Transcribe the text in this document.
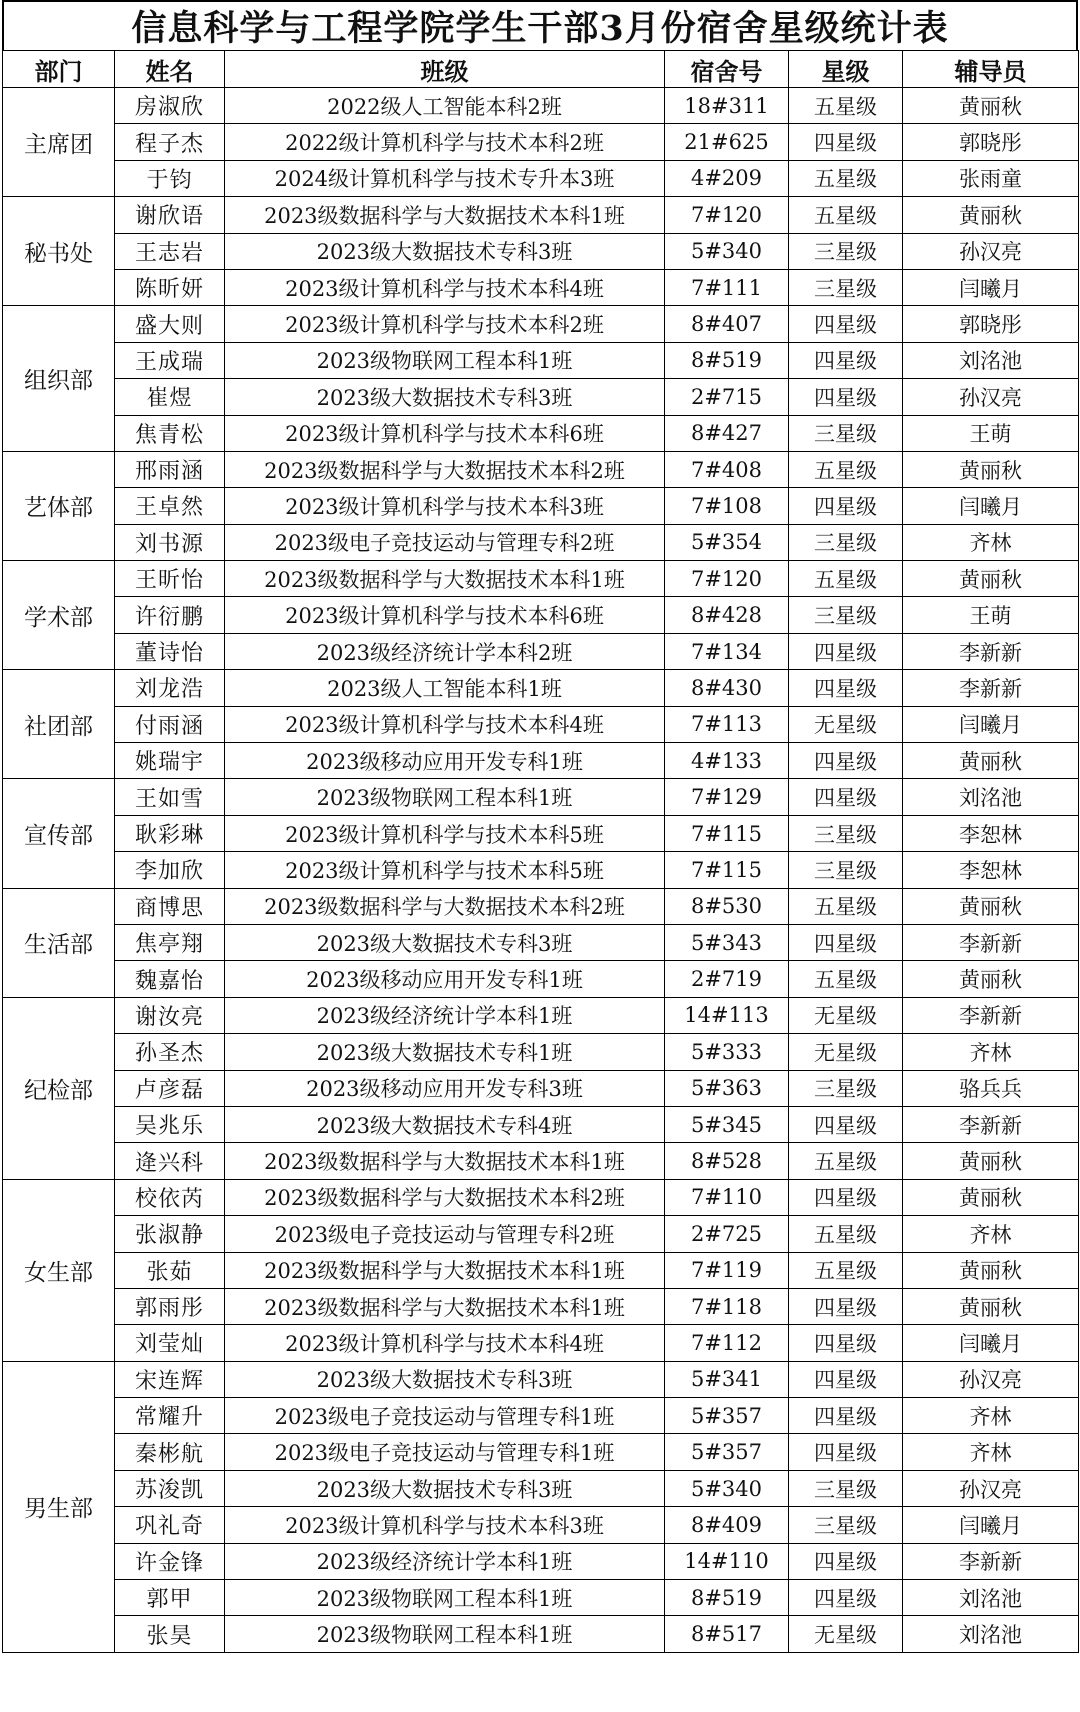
信息科学与工程学院学生干部3月份宿舍星级统计表
部门	姓名	班级	宿舍号	星级	辅导员
主席团	房淑欣	2022级人工智能本科2班	18#311	五星级	黄丽秋
	程子杰	2022级计算机科学与技术本科2班	21#625	四星级	郭晓彤
	于钧	2024级计算机科学与技术专升本3班	4#209	五星级	张雨童
秘书处	谢欣语	2023级数据科学与大数据技术本科1班	7#120	五星级	黄丽秋
	王志岩	2023级大数据技术专科3班	5#340	三星级	孙汉亮
	陈昕妍	2023级计算机科学与技术本科4班	7#111	三星级	闫曦月
组织部	盛大则	2023级计算机科学与技术本科2班	8#407	四星级	郭晓彤
	王成瑞	2023级物联网工程本科1班	8#519	四星级	刘洺池
	崔煜	2023级大数据技术专科3班	2#715	四星级	孙汉亮
	焦青松	2023级计算机科学与技术本科6班	8#427	三星级	王萌
艺体部	邢雨涵	2023级数据科学与大数据技术本科2班	7#408	五星级	黄丽秋
	王卓然	2023级计算机科学与技术本科3班	7#108	四星级	闫曦月
	刘书源	2023级电子竞技运动与管理专科2班	5#354	三星级	齐林
学术部	王昕怡	2023级数据科学与大数据技术本科1班	7#120	五星级	黄丽秋
	许衍鹏	2023级计算机科学与技术本科6班	8#428	三星级	王萌
	董诗怡	2023级经济统计学本科2班	7#134	四星级	李新新
社团部	刘龙浩	2023级人工智能本科1班	8#430	四星级	李新新
	付雨涵	2023级计算机科学与技术本科4班	7#113	无星级	闫曦月
	姚瑞宇	2023级移动应用开发专科1班	4#133	四星级	黄丽秋
宣传部	王如雪	2023级物联网工程本科1班	7#129	四星级	刘洺池
	耿彩琳	2023级计算机科学与技术本科5班	7#115	三星级	李恕林
	李加欣	2023级计算机科学与技术本科5班	7#115	三星级	李恕林
生活部	商博思	2023级数据科学与大数据技术本科2班	8#530	五星级	黄丽秋
	焦亭翔	2023级大数据技术专科3班	5#343	四星级	李新新
	魏嘉怡	2023级移动应用开发专科1班	2#719	五星级	黄丽秋
纪检部	谢汝亮	2023级经济统计学本科1班	14#113	无星级	李新新
	孙圣杰	2023级大数据技术专科1班	5#333	无星级	齐林
	卢彦磊	2023级移动应用开发专科3班	5#363	三星级	骆兵兵
	吴兆乐	2023级大数据技术专科4班	5#345	四星级	李新新
	逄兴科	2023级数据科学与大数据技术本科1班	8#528	五星级	黄丽秋
女生部	校依芮	2023级数据科学与大数据技术本科2班	7#110	四星级	黄丽秋
	张淑静	2023级电子竞技运动与管理专科2班	2#725	五星级	齐林
	张茹	2023级数据科学与大数据技术本科1班	7#119	五星级	黄丽秋
	郭雨彤	2023级数据科学与大数据技术本科1班	7#118	四星级	黄丽秋
	刘莹灿	2023级计算机科学与技术本科4班	7#112	四星级	闫曦月
男生部	宋连辉	2023级大数据技术专科3班	5#341	四星级	孙汉亮
	常耀升	2023级电子竞技运动与管理专科1班	5#357	四星级	齐林
	秦彬航	2023级电子竞技运动与管理专科1班	5#357	四星级	齐林
	苏浚凯	2023级大数据技术专科3班	5#340	三星级	孙汉亮
	巩礼奇	2023级计算机科学与技术本科3班	8#409	三星级	闫曦月
	许金锋	2023级经济统计学本科1班	14#110	四星级	李新新
	郭甲	2023级物联网工程本科1班	8#519	四星级	刘洺池
	张昊	2023级物联网工程本科1班	8#517	无星级	刘洺池
